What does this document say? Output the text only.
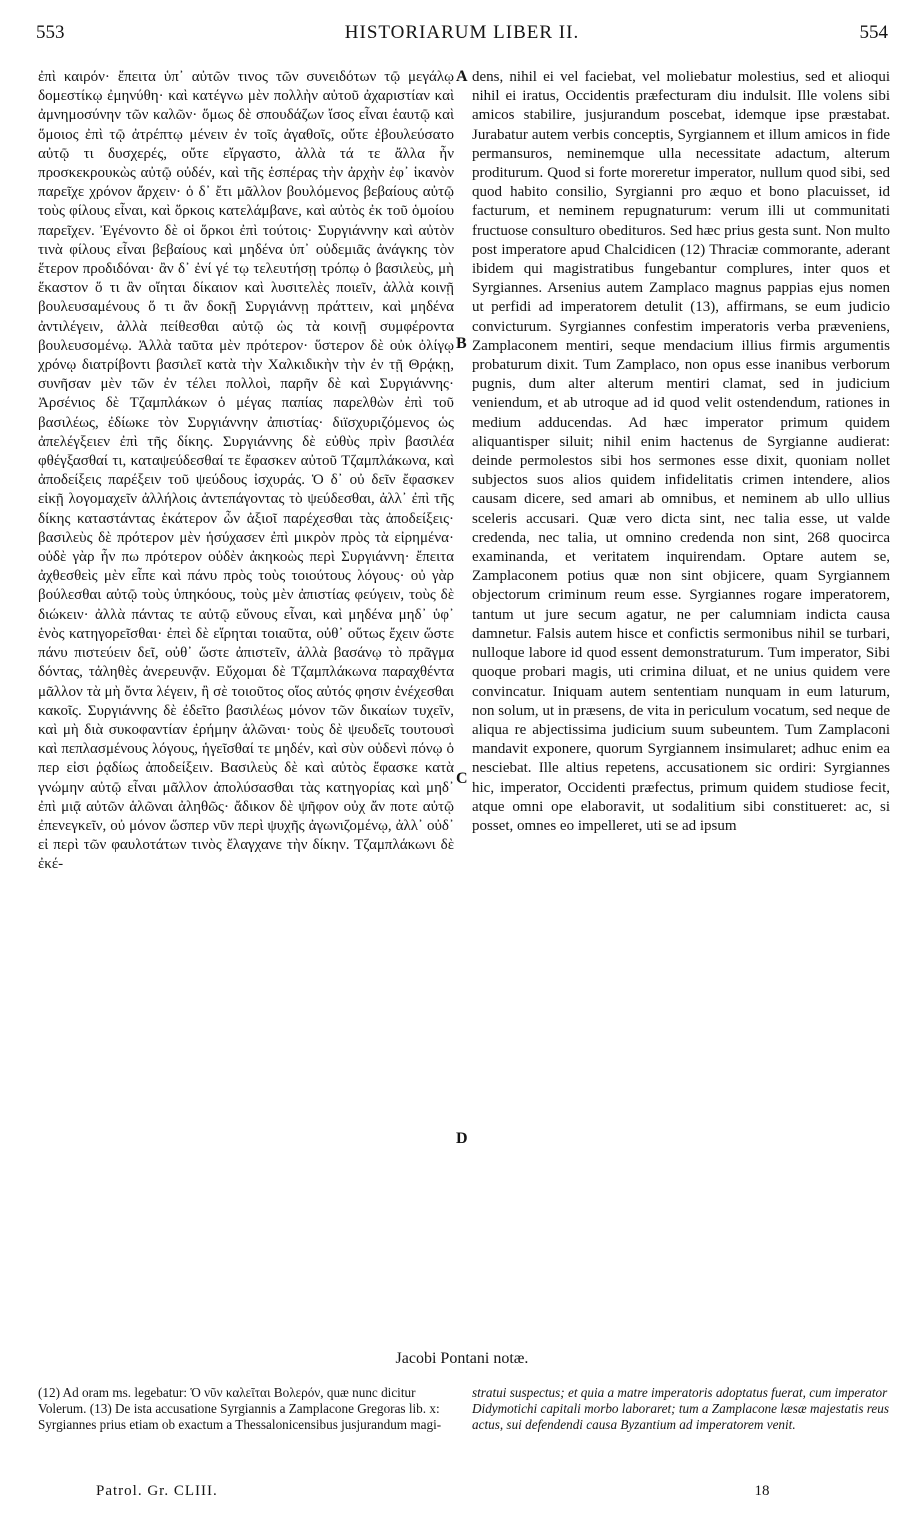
553	HISTORIARUM LIBER II.	554

ἐπὶ καιρόν· ἔπειτα ὑπ᾽ αὐτῶν τινος τῶν συνειδότων τῷ μεγάλῳ δομεστίκῳ ἐμηνύθη· καὶ κατέγνω μὲν πολλὴν αὐτοῦ ἀχαριστίαν καὶ ἀμνημοσύνην τῶν καλῶν· ὅμως δὲ σπουδάζων ἴσος εἶναι ἑαυτῷ καὶ ὅμοιος ἐπὶ τῷ ἀτρέπτῳ μένειν ἐν τοῖς ἀγαθοῖς, οὔτε ἐβουλεύσατο αὐτῷ τι δυσχερές, οὔτε εἴργαστο, ἀλλὰ τά τε ἄλλα ἦν προσκεκρουκὼς αὐτῷ οὐδέν, καὶ τῆς ἑσπέρας τὴν ἀρχὴν ἐφ᾽ ἱκανὸν παρεῖχε χρόνον ἄρχειν· ὁ δ᾽ ἔτι μᾶλλον βουλόμενος βεβαίους αὐτῷ τοὺς φίλους εἶναι, καὶ ὅρκοις κατελάμβανε, καὶ αὐτὸς ἐκ τοῦ ὁμοίου παρεῖχεν. Ἐγένοντο δὲ οἱ ὅρκοι ἐπὶ τούτοις· Συργιάννην καὶ αὐτὸν τινὰ φίλους εἶναι βεβαίους καὶ μηδένα ὑπ᾽ οὐδεμιᾶς ἀνάγκης τὸν ἕτερον προδιδόναι· ἂν δ᾽ ἐνί γέ τῳ τελευτήσῃ τρόπῳ ὁ βασιλεὺς, μὴ ἕκαστον ὅ τι ἂν οἴηται δίκαιον καὶ λυσιτελὲς ποιεῖν, ἀλλὰ κοινῇ βουλευσαμένους ὅ τι ἂν δοκῇ Συργιάννῃ πράττειν, καὶ μηδένα ἀντιλέγειν, ἀλλὰ πείθεσθαι αὐτῷ ὡς τὰ κοινῇ συμφέροντα βουλευσομένῳ. Ἀλλὰ ταῦτα μὲν πρότερον· ὕστερον δὲ οὐκ ὀλίγῳ χρόνῳ διατρίβοντι βασιλεῖ κατὰ τὴν Χαλκιδικὴν τὴν ἐν τῇ Θρᾴκῃ, συνῆσαν μὲν τῶν ἐν τέλει πολλοὶ, παρῆν δὲ καὶ Συργιάννης· Ἀρσένιος δὲ Τζαμπλάκων ὁ μέγας παπίας παρελθὼν ἐπὶ τοῦ βασιλέως, ἐδίωκε τὸν Συργιάννην ἀπιστίας· διϊσχυριζόμενος ὡς ἀπελέγξειεν ἐπὶ τῆς δίκης. Συργιάννης δὲ εὐθὺς πρὶν βασιλέα φθέγξασθαί τι, καταψεύδεσθαί τε ἔφασκεν αὐτοῦ Τζαμπλάκωνα, καὶ ἀποδείξεις παρέξειν τοῦ ψεύδους ἰσχυράς. Ὁ δ᾽ οὐ δεῖν ἔφασκεν εἰκῇ λογομαχεῖν ἀλλήλοις ἀντεπάγοντας τὸ ψεύδεσθαι, ἀλλ᾽ ἐπὶ τῆς δίκης καταστάντας ἑκάτερον ὧν ἀξιοῖ παρέχεσθαι τὰς ἀποδείξεις· βασιλεὺς δὲ πρότερον μὲν ἡσύχασεν ἐπὶ μικρὸν πρὸς τὰ εἰρημένα· οὐδὲ γὰρ ἦν πω πρότερον οὐδὲν ἀκηκοὼς περὶ Συργιάννη· ἔπειτα ἀχθεσθεὶς μὲν εἶπε καὶ πάνυ πρὸς τοὺς τοιούτους λόγους· οὐ γὰρ βούλεσθαι αὐτῷ τοὺς ὑπηκόους, τοὺς μὲν ἀπιστίας φεύγειν, τοὺς δὲ διώκειν· ἀλλὰ πάντας τε αὐτῷ εὔνους εἶναι, καὶ μηδένα μηδ᾽ ὑφ᾽ ἑνὸς κατηγορεῖσθαι· ἐπεὶ δὲ εἴρηται τοιαῦτα, οὐθ᾽ οὕτως ἔχειν ὥστε πάνυ πιστεύειν δεῖ, οὐθ᾽ ὥστε ἀπιστεῖν, ἀλλὰ βασάνῳ τὸ πρᾶγμα δόντας, τἀληθὲς ἀνερευνᾷν. Εὔχομαι δὲ Τζαμπλάκωνα παραχθέντα μᾶλλον τὰ μὴ ὄντα λέγειν, ἢ σὲ τοιοῦτος οἵος αὐτός φησιν ἐνέχεσθαι κακοῖς. Συργιάννης δὲ ἐδεῖτο βασιλέως μόνον τῶν δικαίων τυχεῖν, καὶ μὴ διὰ συκοφαντίαν ἐρήμην ἁλῶναι· τοὺς δὲ ψευδεῖς τουτουσὶ καὶ πεπλασμένους λόγους, ἡγεῖσθαί τε μηδέν, καὶ σὺν οὐδενὶ πόνῳ ὁ περ εἰσι ῥᾳδίως ἀποδείξειν. Βασιλεὺς δὲ καὶ αὐτὸς ἔφασκε κατὰ γνώμην αὐτῷ εἶναι μᾶλλον ἀπολύσασθαι τὰς κατηγορίας καὶ μηδ᾽ ἐπὶ μιᾷ αὐτῶν ἁλῶναι ἀληθῶς· ἄδικον δὲ ψῆφον οὐχ ἄν ποτε αὐτῷ ἐπενεγκεῖν, οὐ μόνον ὥσπερ νῦν περὶ ψυχῆς ἀγωνιζομένῳ, ἀλλ᾽ οὐδ᾽ εἰ περὶ τῶν φαυλοτάτων τινὸς ἔλαγχανε τὴν δίκην. Τζαμπλάκωνι δὲ ἐκέ-

dens, nihil ei vel faciebat, vel moliebatur molestius, sed et alioqui nihil ei iratus, Occidentis præfecturam diu indulsit. Ille volens sibi amicos stabilire, jusjurandum poscebat, idemque ipse præstabat. Jurabatur autem verbis conceptis, Syrgiannem et illum amicos in fide permansuros, neminemque ulla necessitate adactum, alterum proditurum. Quod si forte moreretur imperator, nullum quod sibi, sed quod habito consilio, Syrgianni pro æquo et bono placuisset, id facturum, et neminem repugnaturum: verum illi ut communitati fructuose consulturo obedituros. Sed hæc prius gesta sunt. Non multo post imperatore apud Chalcidicen (12) Thraciæ commorante, aderant ibidem qui magistratibus fungebantur complures, inter quos et Syrgiannes. Arsenius autem Zamplaco magnus pappias ejus nomen ut perfidi ad imperatorem detulit (13), affirmans, se eum judicio convicturum. Syrgiannes confestim imperatoris verba præveniens, Zamplaconem mentiri, seque mendacium illius firmis argumentis probaturum dixit. Tum Zamplaco, non opus esse inanibus verborum pugnis, dum alter alterum mentiri clamat, sed in judicium veniendum, et ab utroque ad id quod velit ostendendum, rationes in medium adducendas. Ad hæc imperator primum quidem aliquantisper siluit; nihil enim hactenus de Syrgianne audierat: deinde permolestos sibi hos sermones esse dixit, quoniam nollet subjectos suos alios quidem infidelitatis crimen intendere, alios causam dicere, sed amari ab omnibus, et neminem ab ullo ullius sceleris accusari. Quæ vero dicta sint, nec talia esse, ut valde credenda, nec talia, ut omnino credenda non sint, 268 quocirca examinanda, et veritatem inquirendam. Optare autem se, Zamplaconem potius quæ non sint objicere, quam Syrgiannem objectorum criminum reum esse. Syrgiannes rogare imperatorem, tantum ut jure secum agatur, ne per calumniam indicta causa damnetur. Falsis autem hisce et confictis sermonibus nihil se turbari, nulloque labore id quod essent demonstraturum. Tum imperator, Sibi quoque probari magis, uti crimina diluat, et ne unius quidem vere convincatur. Iniquam autem sententiam nunquam in eum laturum, non solum, ut in præsens, de vita in periculum vocatum, sed neque de aliqua re abjectissima judicium suum subeuntem. Tum Zamplaconi mandavit exponere, quorum Syrgiannem insimularet; adhuc enim ea nesciebat. Ille altius repetens, accusationem sic ordiri: Syrgiannes hic, imperator, Occidenti præfectus, primum quidem studiose fecit, atque omni ope elaboravit, ut sodalitium sibi constitueret: ac, si posset, omnes eo impelleret, uti se ad ipsum

A
B
C
D
Jacobi Pontani notæ.
(12) Ad oram ms. legebatur: Ὁ νῦν καλεῖται Βολερόν, quæ nunc dicitur Volerum. (13) De ista accusatione Syrgiannis a Zamplacone Gregoras lib. x: Syrgiannes prius etiam ob exactum a Thessalonicensibus jusjurandum magi-
stratui suspectus; et quia a matre imperatoris adoptatus fuerat, cum imperator Didymotichi capitali morbo laboraret; tum a Zamplacone læsæ majestatis reus actus, sui defendendi causa Byzantium ad imperatorem venit.
Patrol. Gr. CLIII.	18
